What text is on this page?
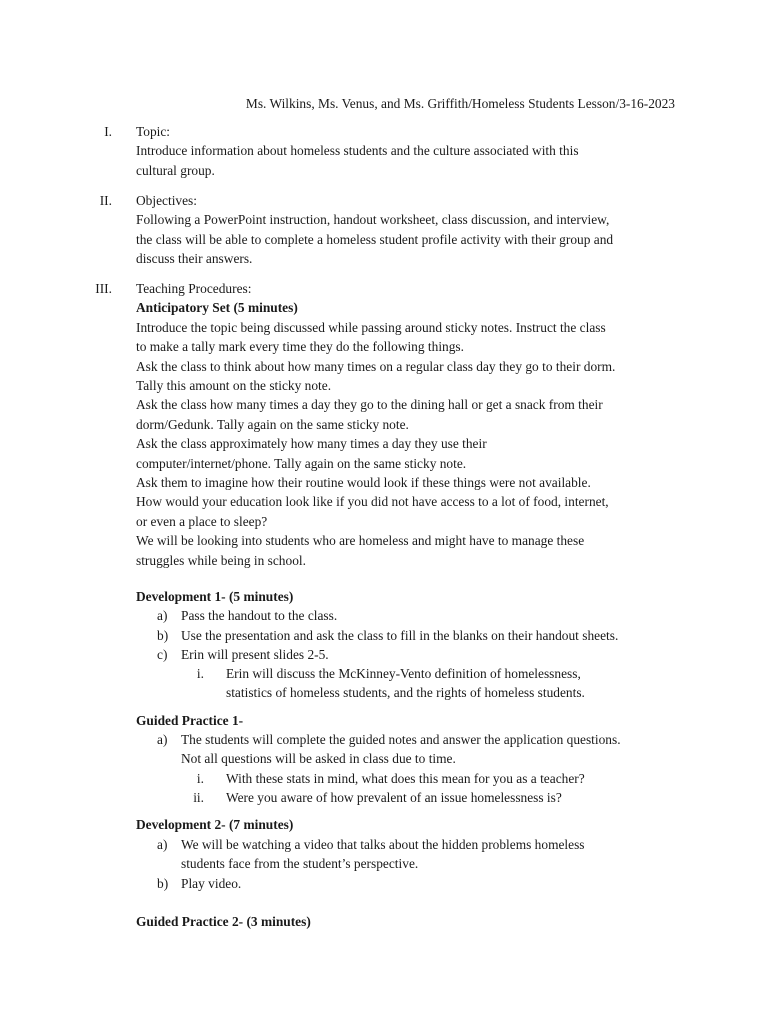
Ms. Wilkins, Ms. Venus, and Ms. Griffith/Homeless Students Lesson/3-16-2023
I. Topic:

Introduce information about homeless students and the culture associated with this

cultural group.

II. Objectives:

Following a PowerPoint instruction, handout worksheet, class discussion, and interview,

the class will be able to complete a homeless student profile activity with their group and

discuss their answers.

III. Teaching Procedures:

Anticipatory Set (5 minutes)

Introduce the topic being discussed while passing around sticky notes. Instruct the class

to make a tally mark every time they do the following things.

Ask the class to think about how many times on a regular class day they go to their dorm.

Tally this amount on the sticky note.

Ask the class how many times a day they go to the dining hall or get a snack from their

dorm/Gedunk. Tally again on the same sticky note.

Ask the class approximately how many times a day they use their

computer/internet/phone. Tally again on the same sticky note.

Ask them to imagine how their routine would look if these things were not available.

How would your education look like if you did not have access to a lot of food, internet,

or even a place to sleep?

We will be looking into students who are homeless and might have to manage these

struggles while being in school.

Development 1- (5 minutes)
a) Pass the handout to the class.
b) Use the presentation and ask the class to fill in the blanks on their handout sheets.
c) Erin will present slides 2-5.
i. Erin will discuss the McKinney-Vento definition of homelessness,
statistics of homeless students, and the rights of homeless students.
Guided Practice 1-
a) The students will complete the guided notes and answer the application questions.
Not all questions will be asked in class due to time.
i. With these stats in mind, what does this mean for you as a teacher?
ii. Were you aware of how prevalent of an issue homelessness is?
Development 2- (7 minutes)
a) We will be watching a video that talks about the hidden problems homeless
students face from the student’s perspective.
b) Play video.
Guided Practice 2- (3 minutes)
